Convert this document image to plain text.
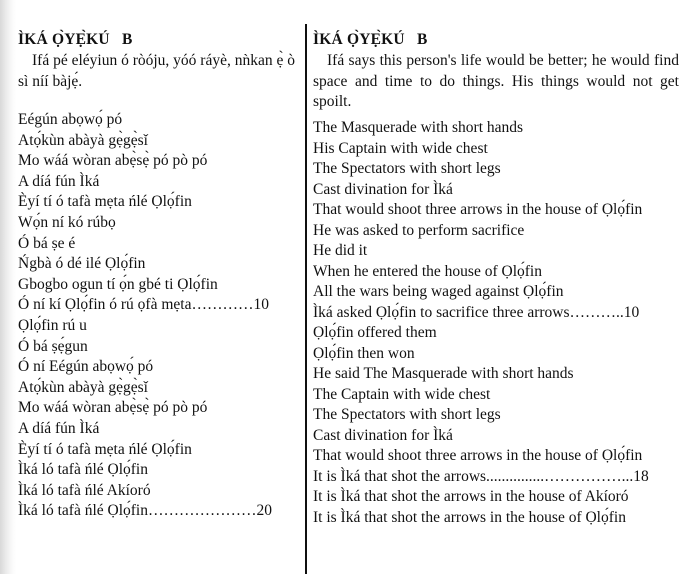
ÌKÁ Ọ̀YẸ̀KÚ   B

Ifá pé eléyiun ó ròóju, yóó ráyè, nǹkan ẹ̀ ò sì níí bàjẹ́.

Eégún abọwọ́ pó
Atọ́kùn abàyà gẹ̀gẹ̀sǐ
Mo wáá wòran abẹ̀sẹ̀ pó pò pó
A díá fún Ìká
Èyí tí ó tafà mẹta ńlé Ọlọ́fin
Wọ́n ní kó rúbọ
Ó bá ṣe é
Ńgbà ó dé ilé Ọlọ́fin
Gbogbo ogun tí ọ́n gbé ti Ọlọ́fin
Ó ní kí Ọlọ́fin ó rú ọfà mẹta…………10
Ọlọ́fin rú u
Ó bá ṣẹ́gun
Ó ní Eégún abọwọ́ pó
Atọ́kùn abàyà gẹ̀gẹ̀sǐ
Mo wáá wòran abẹ̀sẹ̀ pó pò pó
A díá fún Ìká
Èyí tí ó tafà mẹta ńlé Ọlọ́fin
Ìká ló tafà ńlé Ọlọ́fin
Ìká ló tafà ńlé Akíoró
Ìká ló tafà ńlé Ọlọ́fin…………………20
ÌKÁ Ọ̀YẸ̀KÚ   B

Ifá says this person's life would be better; he would find space and time to do things. His things would not get spoilt.

The Masquerade with short hands
His Captain with wide chest
The Spectators with short legs
Cast divination for Ìká
That would shoot three arrows in the house of Ọlọ́fin
He was asked to perform sacrifice
He did it
When he entered the house of Ọlọ́fin
All the wars being waged against Ọlọ́fin
Ìká asked Ọlọ́fin to sacrifice three arrows………..10
Ọlọ́fin offered them
Ọlọ́fin then won
He said The Masquerade with short hands
The Captain with wide chest
The Spectators with short legs
Cast divination for Ìká
That would shoot three arrows in the house of Ọlọ́fin
It is Ìká that shot the arrows...............……………...18
It is Ìká that shot the arrows in the house of Akíoró
It is Ìká that shot the arrows in the house of Ọlọ́fin
